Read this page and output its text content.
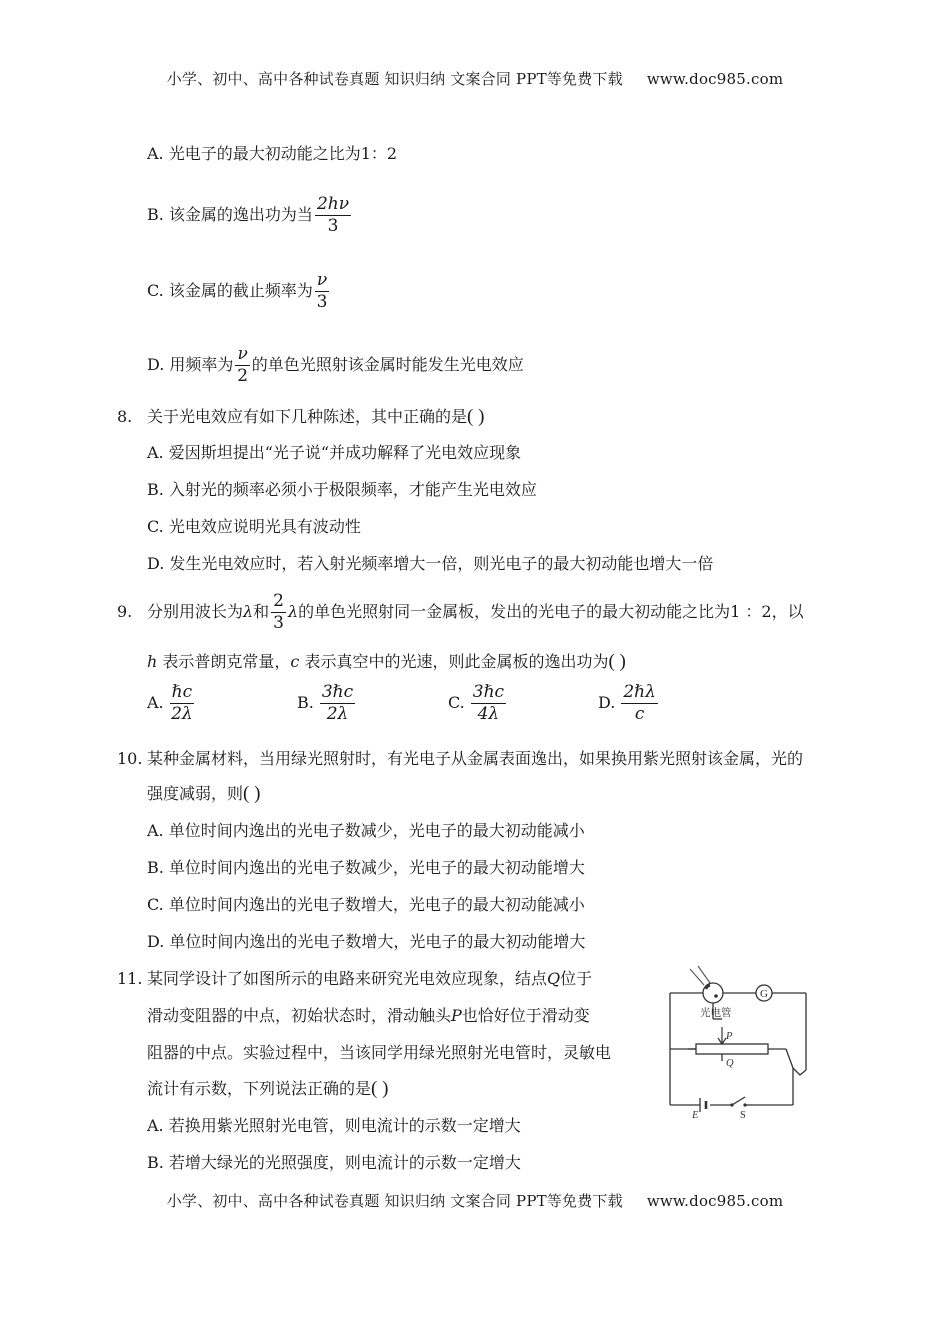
小学、初中、高中各种试卷真题 知识归纳 文案合同 PPT等免费下载 www.doc985.com
A. 光电子的最大初动能之比为1：2
B. 该金属的逸出功为当 $\frac{2h\nu}{3}$
C. 该金属的截止频率为 $\frac{\nu}{3}$
D. 用频率为 $\frac{\nu}{2}$ 的单色光照射该金属时能发生光电效应
8. 关于光电效应有如下几种陈述，其中正确的是( )
A. 爱因斯坦提出“光子说“并成功解释了光电效应现象
B. 入射光的频率必须小于极限频率，才能产生光电效应
C. 光电效应说明光具有波动性
D. 发生光电效应时，若入射光频率增大一倍，则光电子的最大初动能也增大一倍
9. 分别用波长为λ和 $\frac{2}{3}$ λ的单色光照射同一金属板，发出的光电子的最大初动能之比为1 ：2，以
h 表示普朗克常量，c 表示真空中的光速，则此金属板的逸出功为( )
A. $\frac{\text{ℏc}}{2\lambda}$	B. $\frac{\text{3ℏc}}{2\lambda}$	C. $\frac{\text{3ℏc}}{4\lambda}$	D. $\frac{\text{2ℏλ}}{c}$
10. 某种金属材料，当用绿光照射时，有光电子从金属表面逸出，如果换用紫光照射该金属，光的
强度减弱，则( )
A. 单位时间内逸出的光电子数减少，光电子的最大初动能减小
B. 单位时间内逸出的光电子数减少，光电子的最大初动能增大
C. 单位时间内逸出的光电子数增大，光电子的最大初动能减小
D. 单位时间内逸出的光电子数增大，光电子的最大初动能增大
11. 某同学设计了如图所示的电路来研究光电效应现象，结点Q位于
滑动变阻器的中点，初始状态时，滑动触头P也恰好位于滑动变
阻器的中点。实验过程中，当该同学用绿光照射光电管时，灵敏电
流计有示数，下列说法正确的是( )
A. 若换用紫光照射光电管，则电流计的示数一定增大
B. 若增大绿光的光照强度，则电流计的示数一定增大
G
光电管
P
Q
E	S
小学、初中、高中各种试卷真题 知识归纳 文案合同 PPT等免费下载 www.doc985.com
